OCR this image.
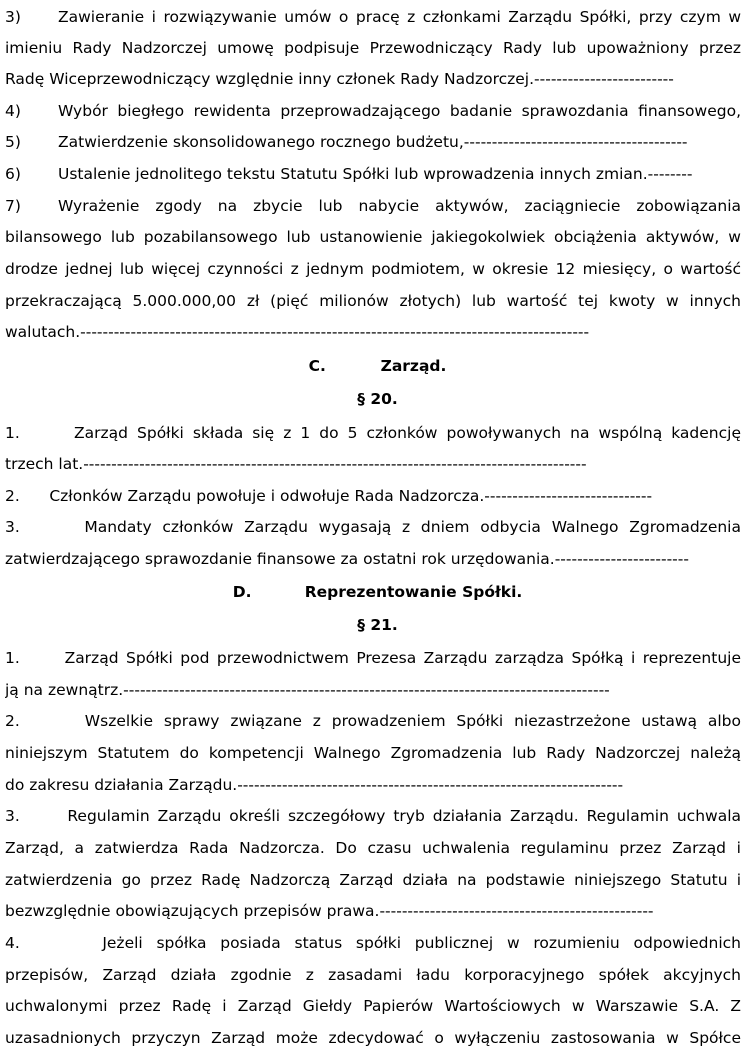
3) Zawieranie i rozwiązywanie umów o pracę z członkami Zarządu Spółki, przy czym w
imieniu Rady Nadzorczej umowę podpisuje Przewodniczący Rady lub upoważniony przez
Radę Wiceprzewodniczący względnie inny członek Rady Nadzorczej.-------------------------
4) Wybór biegłego rewidenta przeprowadzającego badanie sprawozdania finansowego,
5) Zatwierdzenie skonsolidowanego rocznego budżetu,----------------------------------------
6) Ustalenie jednolitego tekstu Statutu Spółki lub wprowadzenia innych zmian.--------
7) Wyrażenie zgody na zbycie lub nabycie aktywów, zaciągniecie zobowiązania
bilansowego lub pozabilansowego lub ustanowienie jakiegokolwiek obciążenia aktywów, w
drodze jednej lub więcej czynności z jednym podmiotem, w okresie 12 miesięcy, o wartość
przekraczającą 5.000.000,00 zł (pięć milionów złotych) lub wartość tej kwoty w innych
walutach.-------------------------------------------------------------------------------------------
C.	Zarząd.
§ 20.
1.      Zarząd Spółki składa się z 1 do 5 członków powoływanych na wspólną kadencję
trzech lat.------------------------------------------------------------------------------------------
2.      Członków Zarządu powołuje i odwołuje Rada Nadzorcza.------------------------------
3.      Mandaty członków Zarządu wygasają z dniem odbycia Walnego Zgromadzenia
zatwierdzającego sprawozdanie finansowe za ostatni rok urzędowania.------------------------
D.	Reprezentowanie Spółki.
§ 21.
1.      Zarząd Spółki pod przewodnictwem Prezesa Zarządu zarządza Spółką i reprezentuje
ją na zewnątrz.---------------------------------------------------------------------------------------
2.      Wszelkie sprawy związane z prowadzeniem Spółki niezastrzeżone ustawą albo
niniejszym Statutem do kompetencji Walnego Zgromadzenia lub Rady Nadzorczej należą
do zakresu działania Zarządu.---------------------------------------------------------------------
3.      Regulamin Zarządu określi szczegółowy tryb działania Zarządu. Regulamin uchwala
Zarząd, a zatwierdza Rada Nadzorcza. Do czasu uchwalenia regulaminu przez Zarząd i
zatwierdzenia go przez Radę Nadzorczą Zarząd działa na podstawie niniejszego Statutu i
bezwzględnie obowiązujących przepisów prawa.-------------------------------------------------
4.      Jeżeli spółka posiada status spółki publicznej w rozumieniu odpowiednich
przepisów, Zarząd działa zgodnie z zasadami ładu korporacyjnego spółek akcyjnych
uchwalonymi przez Radę i Zarząd Giełdy Papierów Wartościowych w Warszawie S.A. Z
uzasadnionych przyczyn Zarząd może zdecydować o wyłączeniu zastosowania w Spółce
